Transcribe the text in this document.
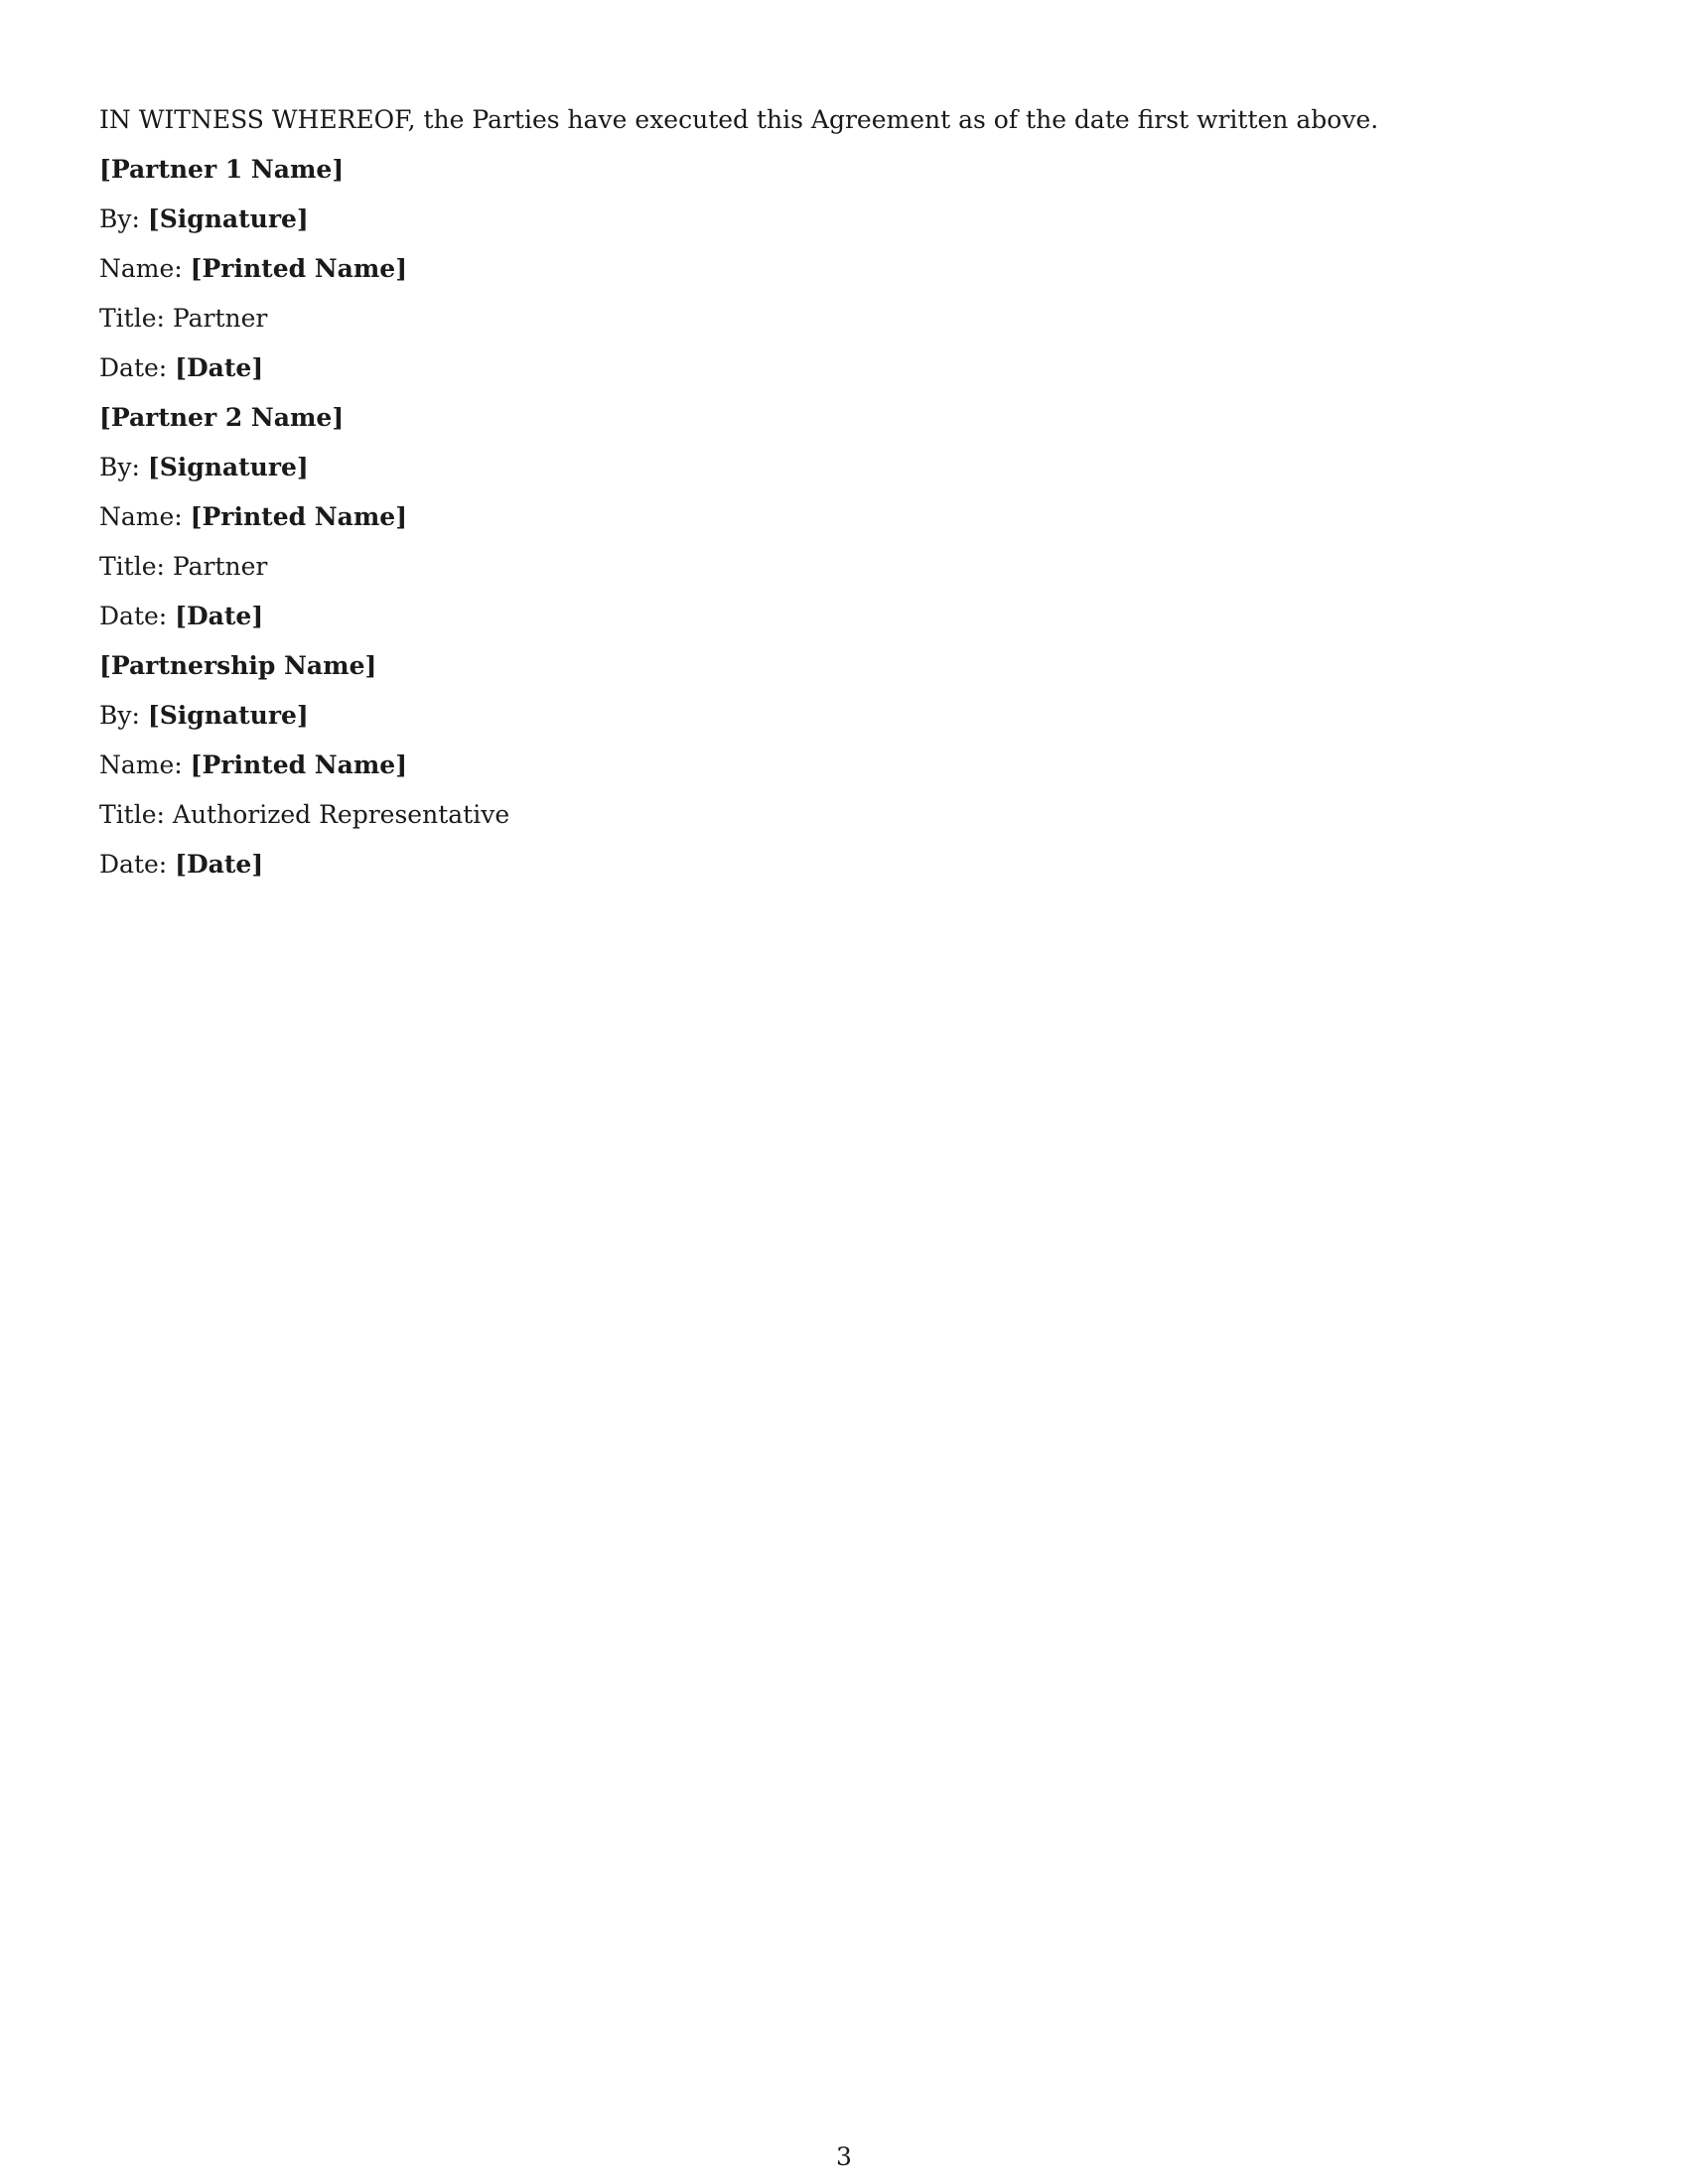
IN WITNESS WHEREOF, the Parties have executed this Agreement as of the date first written above.
[Partner 1 Name]
By: [Signature]
Name: [Printed Name]
Title: Partner
Date: [Date]
[Partner 2 Name]
By: [Signature]
Name: [Printed Name]
Title: Partner
Date: [Date]
[Partnership Name]
By: [Signature]
Name: [Printed Name]
Title: Authorized Representative
Date: [Date]
3
